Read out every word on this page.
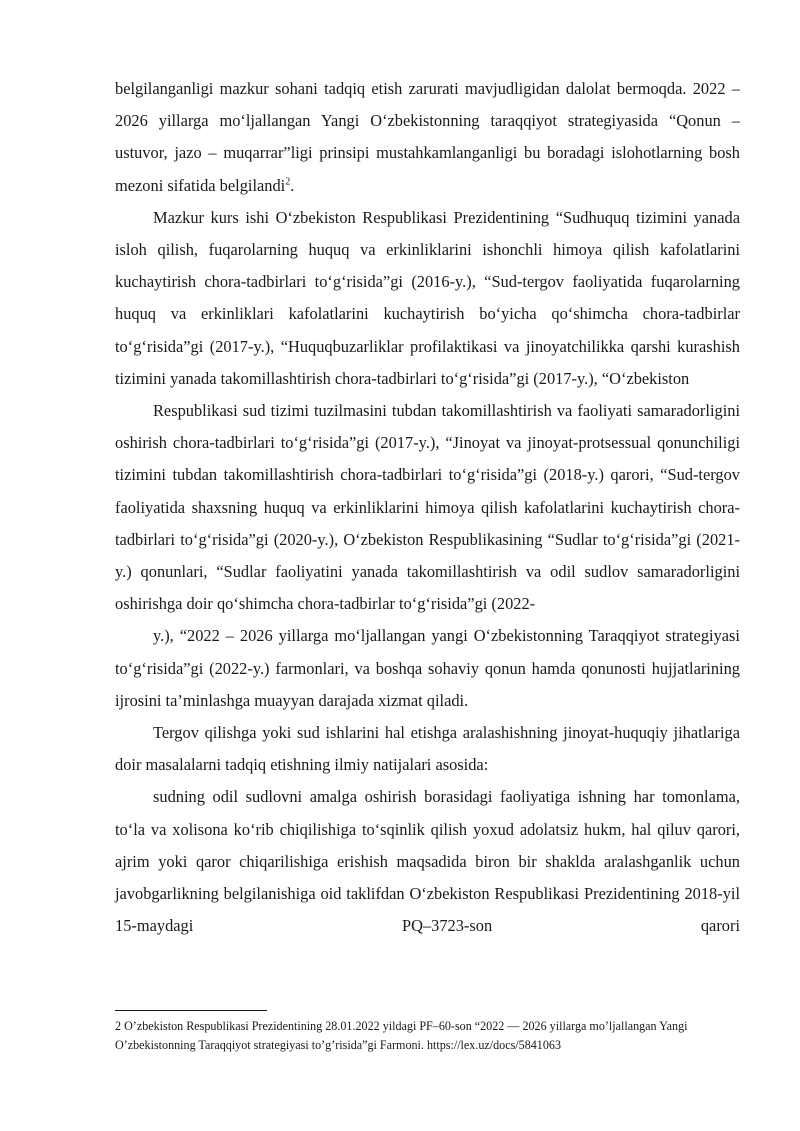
belgilanganligi mazkur sohani tadqiq etish zarurati mavjudligidan dalolat bermoqda. 2022 – 2026 yillarga mo‘ljallangan Yangi O‘zbekistonning taraqqiyot strategiyasida “Qonun – ustuvor, jazo – muqarrar”ligi prinsipi mustahkamlanganligi bu boradagi islohotlarning bosh mezoni sifatida belgilandi$^2$.

Mazkur kurs ishi O‘zbekiston Respublikasi Prezidentining “Sudhuquq tizimini yanada isloh qilish, fuqarolarning huquq va erkinliklarini ishonchli himoya qilish kafolatlarini kuchaytirish chora-tadbirlari to‘g‘risida”gi (2016-y.), “Sud-tergov faoliyatida fuqarolarning huquq va erkinliklari kafolatlarini kuchaytirish bo‘yicha qo‘shimcha chora-tadbirlar to‘g‘risida”gi (2017-y.), “Huquqbuzarliklar profilaktikasi va jinoyatchilikka qarshi kurashish tizimini yanada takomillashtirish chora-tadbirlari to‘g‘risida”gi (2017-y.), “O‘zbekiston

Respublikasi sud tizimi tuzilmasini tubdan takomillashtirish va faoliyati samaradorligini oshirish chora-tadbirlari to‘g‘risida”gi (2017-y.), “Jinoyat va jinoyat-protsessual qonunchiligi tizimini tubdan takomillashtirish chora-tadbirlari to‘g‘risida”gi (2018-y.) qarori, “Sud-tergov faoliyatida shaxsning huquq va erkinliklarini himoya qilish kafolatlarini kuchaytirish chora-tadbirlari to‘g‘risida”gi (2020-y.), O‘zbekiston Respublikasining “Sudlar to‘g‘risida”gi (2021-y.) qonunlari, “Sudlar faoliyatini yanada takomillashtirish va odil sudlov samaradorligini oshirishga doir qo‘shimcha chora-tadbirlar to‘g‘risida”gi (2022-

y.), “2022 – 2026 yillarga mo‘ljallangan yangi O‘zbekistonning Taraqqiyot strategiyasi to‘g‘risida”gi (2022-y.) farmonlari, va boshqa sohaviy qonun hamda qonunosti hujjatlarining ijrosini ta’minlashga muayyan darajada xizmat qiladi.

Tergov qilishga yoki sud ishlarini hal etishga aralashishning jinoyat-huquqiy jihatlariga doir masalalarni tadqiq etishning ilmiy natijalari asosida:

sudning odil sudlovni amalga oshirish borasidagi faoliyatiga ishning har tomonlama, to‘la va xolisona ko‘rib chiqilishiga to‘sqinlik qilish yoxud adolatsiz hukm, hal qiluv qarori, ajrim yoki qaror chiqarilishiga erishish maqsadida biron bir shaklda aralashganlik uchun javobgarlikning belgilanishiga oid taklifdan O‘zbekiston Respublikasi Prezidentining 2018-yil 15-maydagi PQ–3723-son qarori

2 O’zbekiston Respublikasi Prezidentining 28.01.2022 yildagi PF–60-son “2022 — 2026 yillarga mo’ljallangan Yangi O’zbekistonning Taraqqiyot strategiyasi to’g’risida”gi Farmoni. https://lex.uz/docs/5841063
